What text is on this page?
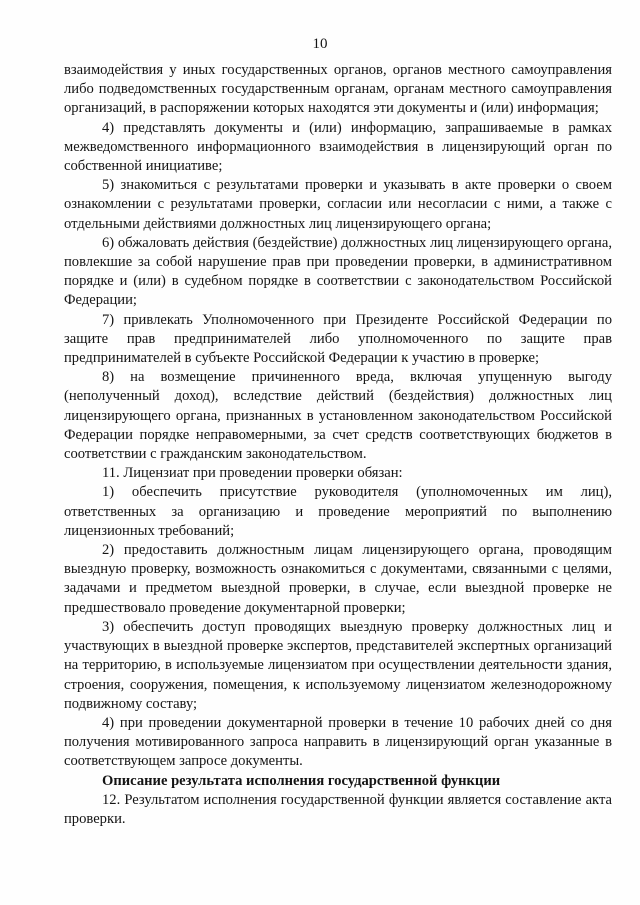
10

взаимодействия у иных государственных органов, органов местного самоуправления либо подведомственных государственным органам, органам местного самоуправления организаций, в распоряжении которых находятся эти документы и (или) информация;

4) представлять документы и (или) информацию, запрашиваемые в рамках межведомственного информационного взаимодействия в лицензирующий орган по собственной инициативе;

5) знакомиться с результатами проверки и указывать в акте проверки о своем ознакомлении с результатами проверки, согласии или несогласии с ними, а также с отдельными действиями должностных лиц лицензирующего органа;

6) обжаловать действия (бездействие) должностных лиц лицензирующего органа, повлекшие за собой нарушение прав при проведении проверки, в административном порядке и (или) в судебном порядке в соответствии с законодательством Российской Федерации;

7) привлекать Уполномоченного при Президенте Российской Федерации по защите прав предпринимателей либо уполномоченного по защите прав предпринимателей в субъекте Российской Федерации к участию в проверке;

8) на возмещение причиненного вреда, включая упущенную выгоду (неполученный доход), вследствие действий (бездействия) должностных лиц лицензирующего органа, признанных в установленном законодательством Российской Федерации порядке неправомерными, за счет средств соответствующих бюджетов в соответствии с гражданским законодательством.

11. Лицензиат при проведении проверки обязан:

1) обеспечить присутствие руководителя (уполномоченных им лиц), ответственных за организацию и проведение мероприятий по выполнению лицензионных требований;

2) предоставить должностным лицам лицензирующего органа, проводящим выездную проверку, возможность ознакомиться с документами, связанными с целями, задачами и предметом выездной проверки, в случае, если выездной проверке не предшествовало проведение документарной проверки;

3) обеспечить доступ проводящих выездную проверку должностных лиц и участвующих в выездной проверке экспертов, представителей экспертных организаций на территорию, в используемые лицензиатом при осуществлении деятельности здания, строения, сооружения, помещения, к используемому лицензиатом железнодорожному подвижному составу;

4) при проведении документарной проверки в течение 10 рабочих дней со дня получения мотивированного запроса направить в лицензирующий орган указанные в соответствующем запросе документы.

Описание результата исполнения государственной функции

12. Результатом исполнения государственной функции является составление акта проверки.
